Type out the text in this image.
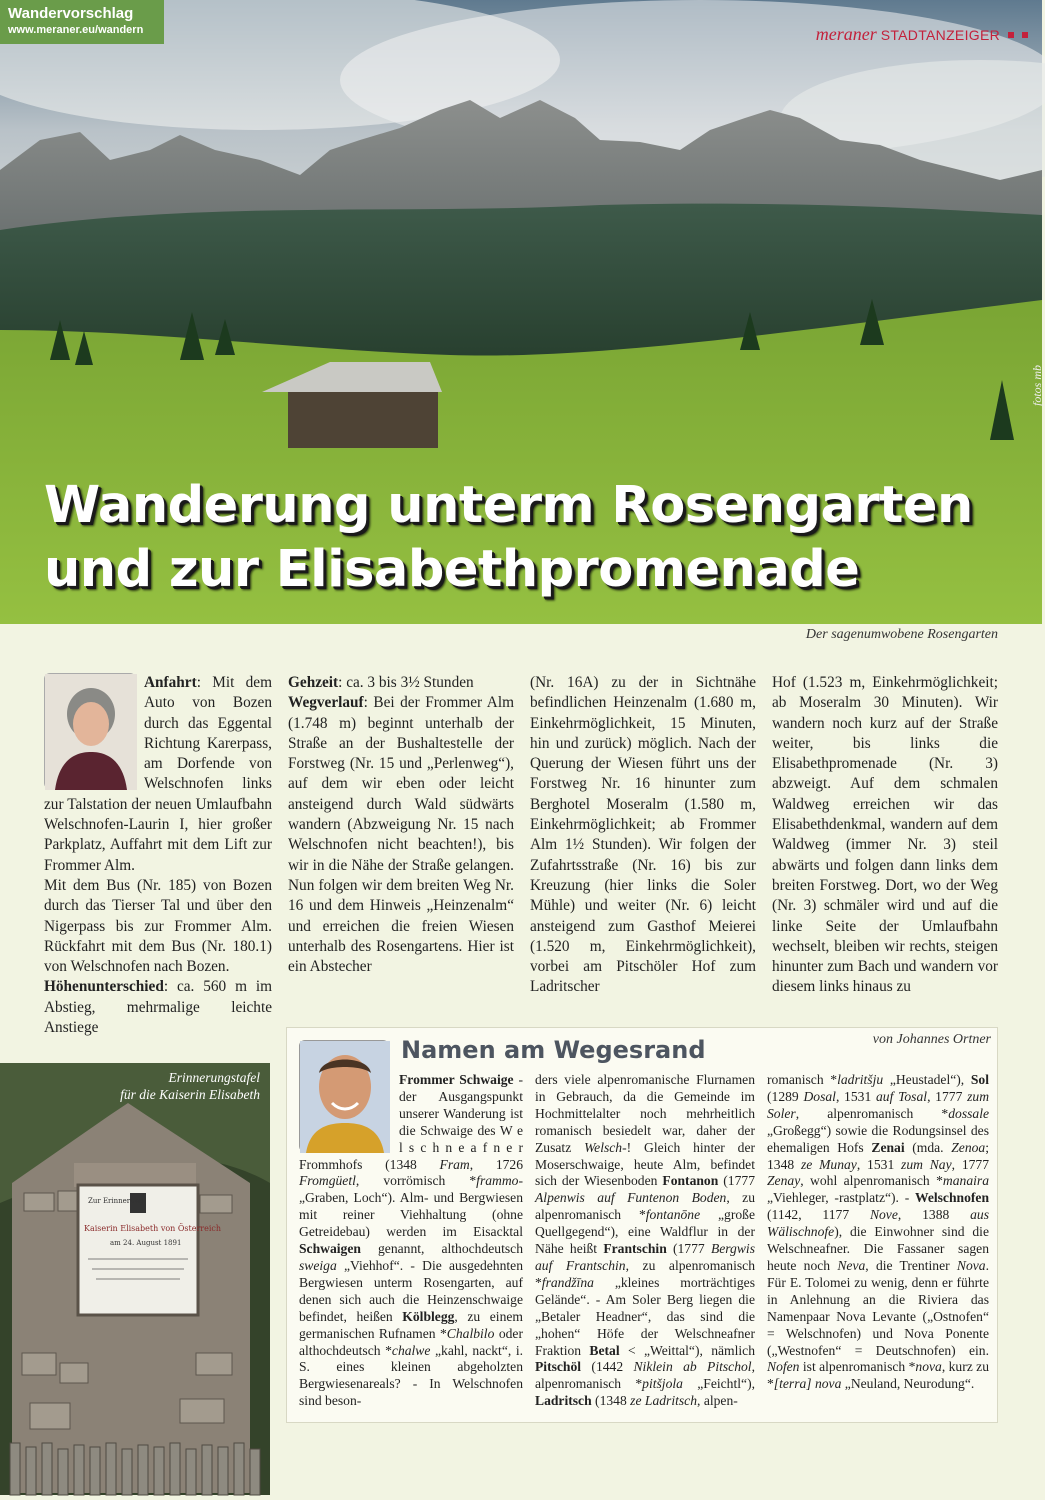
Wandervorschlag
www.meraner.eu/wandern	meraner STADTANZEIGER
fotos mb
Wanderung unterm Rosengarten
und zur Elisabethpromenade
Der sagenumwobene Rosengarten

Anfahrt: Mit dem Auto von Bozen durch das Eggental Richtung Karerpass, am Dorfende von Welschnofen links zur Talstation der neuen Umlaufbahn Welschnofen-Laurin I, hier großer Parkplatz, Auffahrt mit dem Lift zur Frommer Alm.

Mit dem Bus (Nr. 185) von Bozen durch das Tierser Tal und über den Nigerpass bis zur Frommer Alm. Rückfahrt mit dem Bus (Nr. 180.1) von Welschnofen nach Bozen.

Höhenunterschied: ca. 560 m im Abstieg, mehrmalige leichte Anstiege

Gehzeit: ca. 3 bis 3½ Stunden

Wegverlauf: Bei der Frommer Alm (1.748 m) beginnt unterhalb der Straße an der Bushaltestelle der Forstweg (Nr. 15 und „Perlenweg“), auf dem wir eben oder leicht ansteigend durch Wald südwärts wandern (Abzweigung Nr. 15 nach Welschnofen nicht beachten!), bis wir in die Nähe der Straße gelangen. Nun folgen wir dem breiten Weg Nr. 16 und dem Hinweis „Heinzenalm“ und erreichen die freien Wiesen unterhalb des Rosengartens. Hier ist ein Abstecher

(Nr. 16A) zu der in Sichtnähe befindlichen Heinzenalm (1.680 m, Einkehrmöglichkeit, 15 Minuten, hin und zurück) möglich. Nach der Querung der Wiesen führt uns der Forstweg Nr. 16 hinunter zum Berghotel Moseralm (1.580 m, Einkehrmöglichkeit; ab Frommer Alm 1½ Stunden). Wir folgen der Zufahrtsstraße (Nr. 16) bis zur Kreuzung (hier links die Soler Mühle) und weiter (Nr. 6) leicht ansteigend zum Gasthof Meierei (1.520 m, Einkehrmöglichkeit), vorbei am Pitschöler Hof zum Ladritscher

Hof (1.523 m, Einkehrmöglichkeit; ab Moseralm 30 Minuten). Wir wandern noch kurz auf der Straße weiter, bis links die Elisabethpromenade (Nr. 3) abzweigt. Auf dem schmalen Waldweg erreichen wir das Elisabethdenkmal, wandern auf dem Waldweg (immer Nr. 3) steil abwärts und folgen dann links dem breiten Forstweg. Dort, wo der Weg (Nr. 3) schmäler wird und auf die linke Seite der Umlaufbahn wechselt, bleiben wir rechts, steigen hinunter zum Bach und wandern vor diesem links hinaus zu

Zur Erinnerung
Kaiserin Elisabeth von Österreich
am 24. August 1891
Erinnerungstafel
für die Kaiserin Elisabeth
Namen am Wegesrand	von Johannes Ortner

Frommer Schwaige - der Ausgangspunkt unserer Wanderung ist die Schwaige des W e l s c h n e a f n e r Frommhofs (1348 Fram, 1726 Fromgüetl, vorrömisch *frammo- „Graben, Loch“). Alm- und Bergwiesen mit reiner Viehhaltung (ohne Getreidebau) werden im Eisacktal Schwaigen genannt, althochdeutsch sweiga „Viehhof“. - Die ausgedehnten Bergwiesen unterm Rosengarten, auf denen sich auch die Heinzenschwaige befindet, heißen Kölblegg, zu einem germanischen Rufnamen *Chalbilo oder althochdeutsch *chalwe „kahl, nackt“, i. S. eines kleinen abgeholzten Bergwiesenareals? - In Welschnofen sind beson-

ders viele alpenromanische Flurnamen in Gebrauch, da die Gemeinde im Hochmittelalter noch mehrheitlich romanisch besiedelt war, daher der Zusatz Welsch-! Gleich hinter der Moserschwaige, heute Alm, befindet sich der Wiesenboden Fontanon (1777 Alpenwis auf Funtenon Boden, zu alpenromanisch *fontanōne „große Quellgegend“), eine Waldflur in der Nähe heißt Frantschin (1777 Bergwis auf Frantschin, zu alpenromanisch *frandžīna „kleines morträchtiges Gelände“. - Am Soler Berg liegen die „Betaler Headner“, das sind die „hohen“ Höfe der Welschneafner Fraktion Betal < „Weittal“), nämlich Pitschöl (1442 Niklein ab Pitschol, alpenromanisch *pitšjola „Feichtl“), Ladritsch (1348 ze Ladritsch, alpen-

romanisch *ladritšju „Heustadel“), Sol (1289 Dosal, 1531 auf Tosal, 1777 zum Soler, alpenromanisch *dossale „Großegg“) sowie die Rodungsinsel des ehemaligen Hofs Zenai (mda. Zenoa; 1348 ze Munay, 1531 zum Nay, 1777 Zenay, wohl alpenromanisch *manaira „Viehleger, -rastplatz“). - Welschnofen (1142, 1177 Nove, 1388 aus Wälischnofe), die Einwohner sind die Welschneafner. Die Fassaner sagen heute noch Neva, die Trentiner Nova. Für E. Tolomei zu wenig, denn er führte in Anlehnung an die Riviera das Namenpaar Nova Levante („Ostnofen“ = Welschnofen) und Nova Ponente („Westnofen“ = Deutschnofen) ein. Nofen ist alpenromanisch *nova, kurz zu *[terra] nova „Neuland, Neurodung“.
